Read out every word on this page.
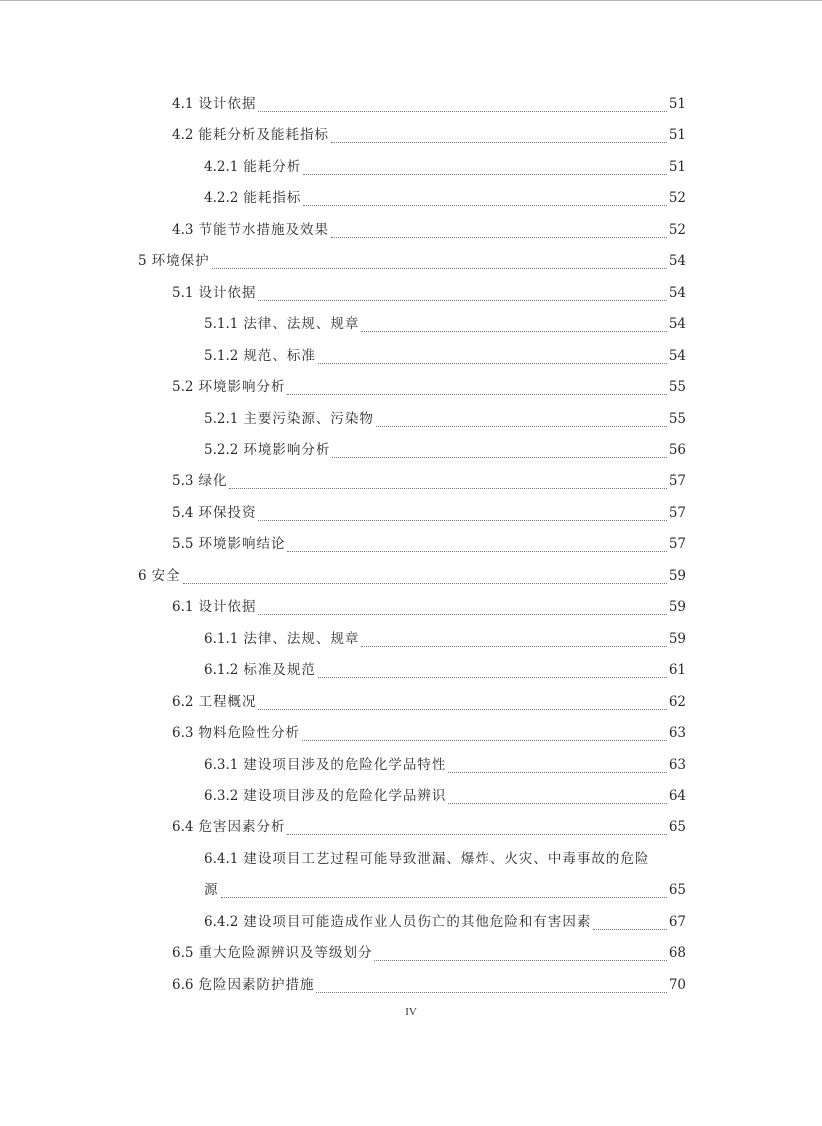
4.1 设计依据	51
4.2 能耗分析及能耗指标	51
4.2.1 能耗分析	51
4.2.2 能耗指标	52
4.3 节能节水措施及效果	52
5 环境保护	54
5.1 设计依据	54
5.1.1 法律、法规、规章	54
5.1.2 规范、标准	54
5.2 环境影响分析	55
5.2.1 主要污染源、污染物	55
5.2.2 环境影响分析	56
5.3 绿化	57
5.4 环保投资	57
5.5 环境影响结论	57
6 安全	59
6.1 设计依据	59
6.1.1 法律、法规、规章	59
6.1.2 标准及规范	61
6.2 工程概况	62
6.3 物料危险性分析	63
6.3.1 建设项目涉及的危险化学品特性	63
6.3.2 建设项目涉及的危险化学品辨识	64
6.4 危害因素分析	65
6.4.1 建设项目工艺过程可能导致泄漏、爆炸、火灾、中毒事故的危险
源	65
6.4.2 建设项目可能造成作业人员伤亡的其他危险和有害因素	67
6.5 重大危险源辨识及等级划分	68
6.6 危险因素防护措施	70
IV
